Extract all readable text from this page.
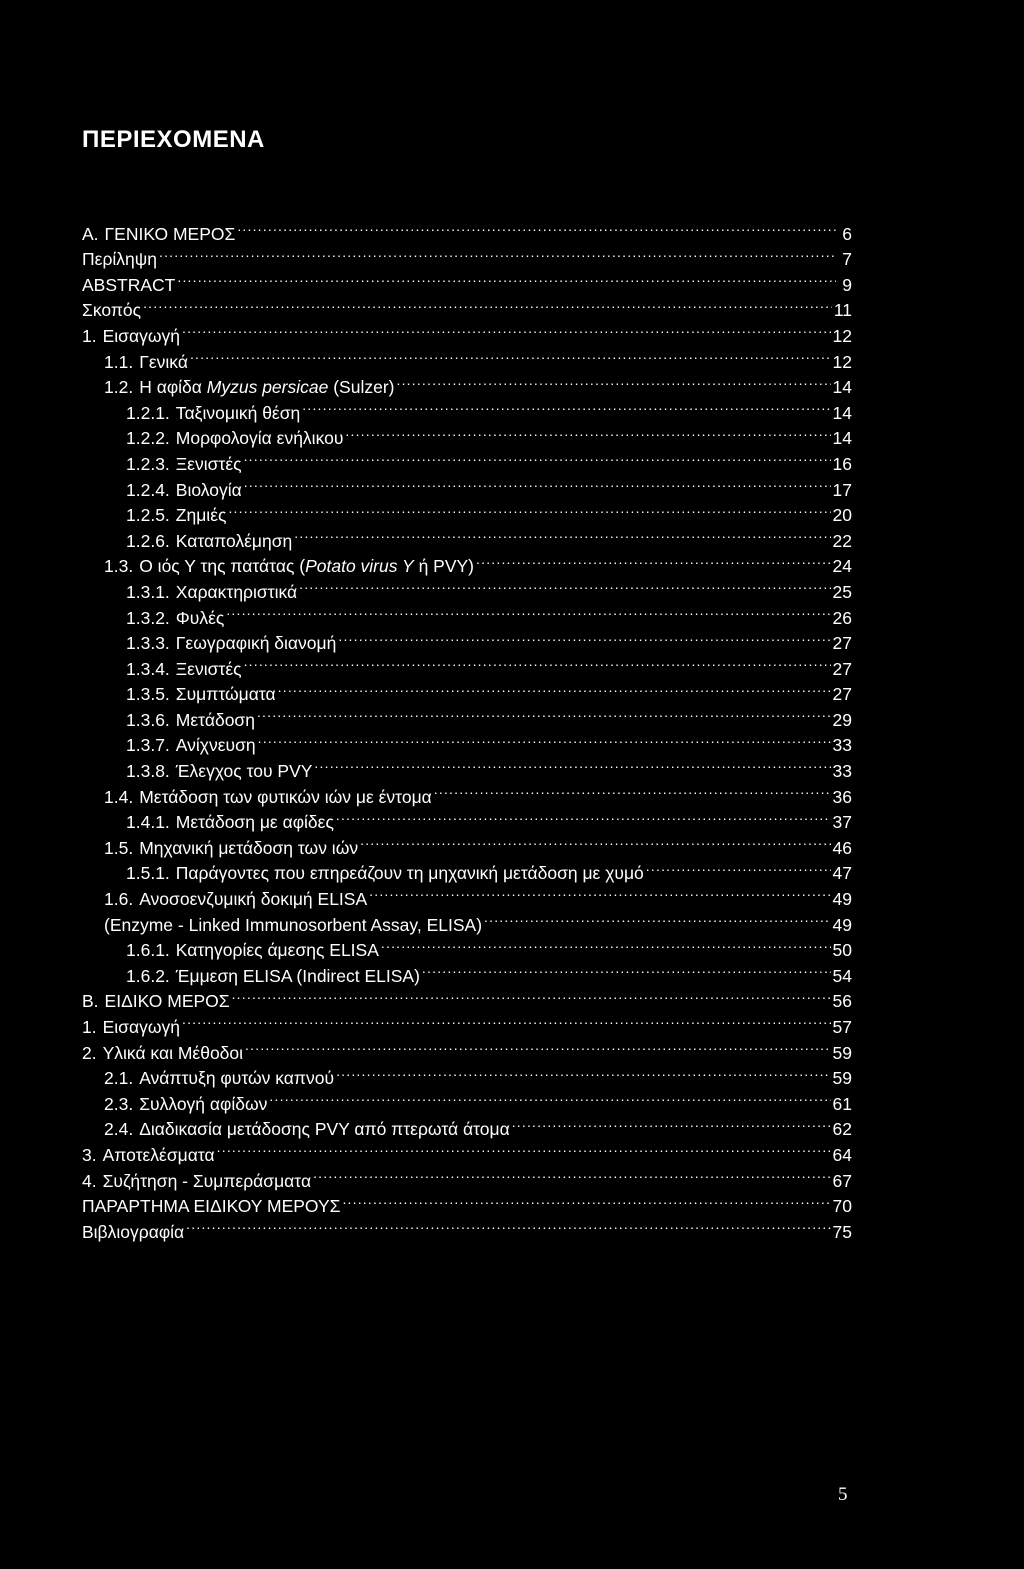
ΠΕΡΙΕΧΟΜΕΝΑ
Α. ΓΕΝΙΚΟ ΜΕΡΟΣ .....	6
Περίληψη .....	7
ABSTRACT .....	9
Σκοπός .....	11
1. Εισαγωγή .....	12
1.1. Γενικά .....	12
1.2. Η αφίδα Myzus persicae (Sulzer) .....	14
1.2.1. Ταξινομική θέση .....	14
1.2.2. Μορφολογία ενήλικου .....	14
1.2.3. Ξενιστές .....	16
1.2.4. Βιολογία .....	17
1.2.5. Ζημιές .....	20
1.2.6. Καταπολέμηση .....	22
1.3. Ο ιός Υ της πατάτας (Potato virus Y ή PVY) .....	24
1.3.1. Χαρακτηριστικά .....	25
1.3.2. Φυλές .....	26
1.3.3. Γεωγραφική διανομή .....	27
1.3.4. Ξενιστές .....	27
1.3.5. Συμπτώματα .....	27
1.3.6. Μετάδοση .....	29
1.3.7. Ανίχνευση .....	33
1.3.8. Έλεγχος του PVY .....	33
1.4. Μετάδοση των φυτικών ιών με έντομα .....	36
1.4.1. Μετάδοση με αφίδες .....	37
1.5. Μηχανική μετάδοση των ιών .....	46
1.5.1. Παράγοντες που επηρεάζουν τη μηχανική μετάδοση με χυμό .....	47
1.6. Ανοσοενζυμική δοκιμή ELISA .....	49
(Enzyme - Linked Immunosorbent Assay, ELISA) .....	49
1.6.1. Κατηγορίες άμεσης ELISA .....	50
1.6.2. Έμμεση ELISA (Indirect ELISA) .....	54
Β. ΕΙΔΙΚΟ ΜΕΡΟΣ .....	56
1. Εισαγωγή .....	57
2. Υλικά και Μέθοδοι .....	59
2.1. Ανάπτυξη φυτών καπνού .....	59
2.3. Συλλογή αφίδων .....	61
2.4. Διαδικασία μετάδοσης PVY από πτερωτά άτομα .....	62
3. Αποτελέσματα .....	64
4. Συζήτηση - Συμπεράσματα .....	67
ΠΑΡΑΡΤΗΜΑ ΕΙΔΙΚΟΥ ΜΕΡΟΥΣ .....	70
Βιβλιογραφία .....	75
5
